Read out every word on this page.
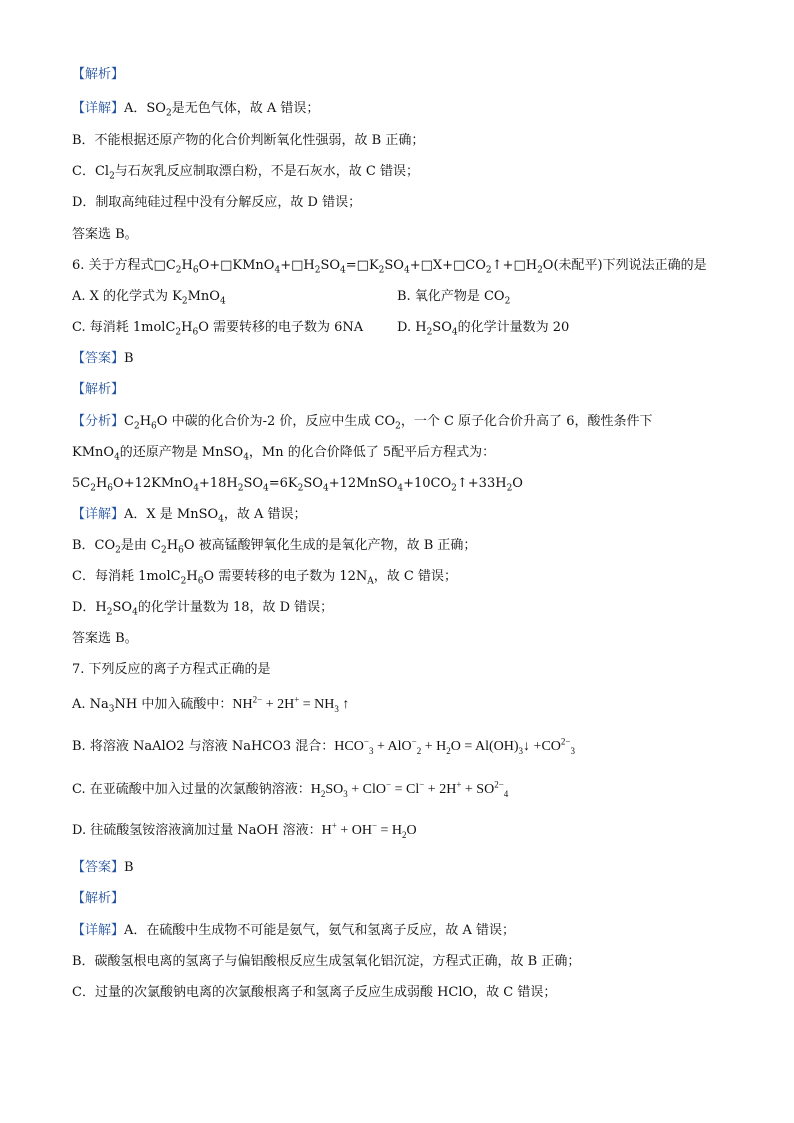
【解析】
【详解】A．$SO_2$是无色气体，故 A 错误；
B．不能根据还原产物的化合价判断氧化性强弱，故 B 正确；
C．$Cl_2$与石灰乳反应制取漂白粉，不是石灰水，故 C 错误；
D．制取高纯硅过程中没有分解反应，故 D 错误；
答案选 B。
6. 关于方程式$□C_2H_6O+□KMnO_4+□H_2SO_4=□K_2SO_4+□X+□CO_2↑+□H_2O$(未配平)下列说法正确的是
A. X 的化学式为 $K_2MnO_4$	B. 氧化产物是 $CO_2$
C. 每消耗 $1molC_2H_6O$ 需要转移的电子数为 6NA	D. $H_2SO_4$的化学计量数为 20
【答案】B
【解析】
【分析】$C_2H_6O$ 中碳的化合价为-2 价，反应中生成 $CO_2$，一个 C 原子化合价升高了 6，酸性条件下
KMnO$_4$的还原产物是 MnSO$_4$，Mn 的化合价降低了 5配平后方程式为：
$5C_2H_6O+12KMnO_4+18H_2SO_4=6K_2SO_4+12MnSO_4+10CO_2↑+33H_2O$
【详解】A．X 是 MnSO$_4$，故 A 错误；
B．$CO_2$是由 $C_2H_6O$ 被高锰酸钾氧化生成的是氧化产物，故 B 正确；
C．每消耗 $1molC_2H_6O$ 需要转移的电子数为 $12N_A$，故 C 错误；
D．$H_2SO_4$的化学计量数为 18，故 D 错误；
答案选 B。
7. 下列反应的离子方程式正确的是
A. $Na_3NH$ 中加入硫酸中：$NH^{2-} + 2H^+ = NH_3$ ↑
B. 将溶液 NaAlO2 与溶液 NaHCO3 混合：$HCO^-_3 + AlO^-_2 + H_2O$ = $Al(OH)_3↓ +CO^{2-}_3$
C. 在亚硫酸中加入过量的次氯酸钠溶液：$H_2SO_3 + ClO^- = Cl^- + 2H^+ + SO^{2-}_4$
D. 往硫酸氢铵溶液滴加过量 NaOH 溶液：$H^+ + OH^- = H_2O$
【答案】B
【解析】
【详解】A．在硫酸中生成物不可能是氨气，氨气和氢离子反应，故 A 错误；
B．碳酸氢根电离的氢离子与偏铝酸根反应生成氢氧化铝沉淀，方程式正确，故 B 正确；
C．过量的次氯酸钠电离的次氯酸根离子和氢离子反应生成弱酸 HClO，故 C 错误；
